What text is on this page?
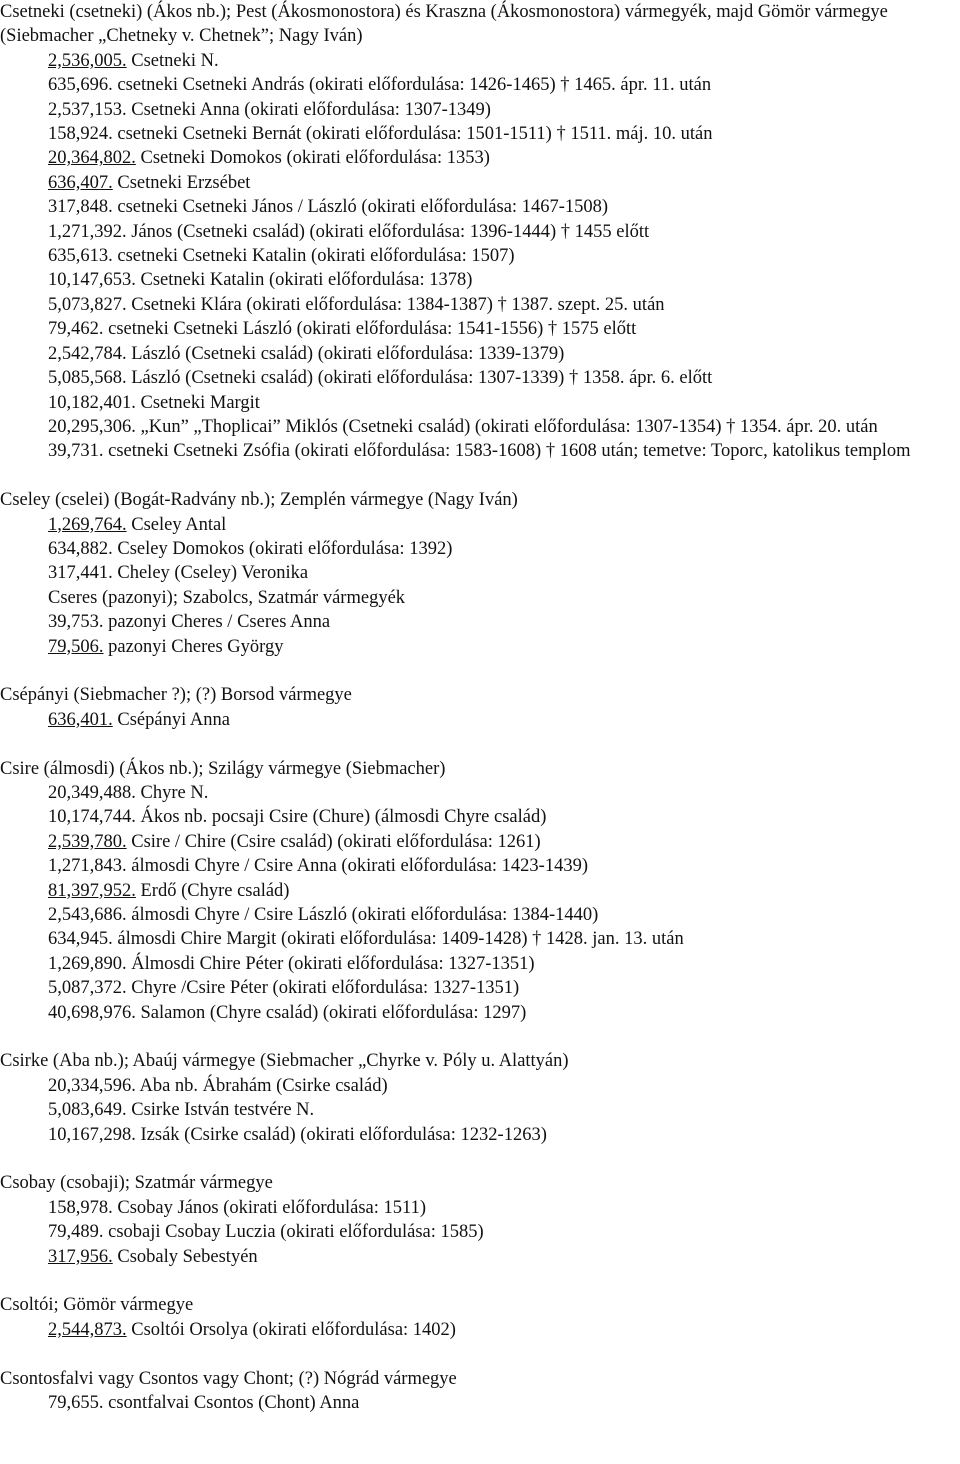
Csetneki (csetneki) (Ákos nb.); Pest (Ákosmonostora) és Kraszna (Ákosmonostora) vármegyék, majd Gömör vármegye (Siebmacher „Chetneky v. Chetnek”; Nagy Iván)
2,536,005. Csetneki N.
635,696. csetneki Csetneki András (okirati előfordulása: 1426-1465) † 1465. ápr. 11. után
2,537,153. Csetneki Anna (okirati előfordulása: 1307-1349)
158,924. csetneki Csetneki Bernát (okirati előfordulása: 1501-1511) † 1511. máj. 10. után
20,364,802. Csetneki Domokos (okirati előfordulása: 1353)
636,407. Csetneki Erzsébet
317,848. csetneki Csetneki János / László (okirati előfordulása: 1467-1508)
1,271,392. János (Csetneki család) (okirati előfordulása: 1396-1444) † 1455 előtt
635,613. csetneki Csetneki Katalin (okirati előfordulása: 1507)
10,147,653. Csetneki Katalin (okirati előfordulása: 1378)
5,073,827. Csetneki Klára (okirati előfordulása: 1384-1387) † 1387. szept. 25. után
79,462. csetneki Csetneki László (okirati előfordulása: 1541-1556) † 1575 előtt
2,542,784. László (Csetneki család) (okirati előfordulása: 1339-1379)
5,085,568. László (Csetneki család) (okirati előfordulása: 1307-1339) † 1358. ápr. 6. előtt
10,182,401. Csetneki Margit
20,295,306. „Kun” „Thoplicai” Miklós (Csetneki család) (okirati előfordulása: 1307-1354) † 1354. ápr. 20. után
39,731. csetneki Csetneki Zsófia (okirati előfordulása: 1583-1608) † 1608 után; temetve: Toporc, katolikus templom
Cseley (cselei) (Bogát-Radvány nb.); Zemplén vármegye (Nagy Iván)
1,269,764. Cseley Antal
634,882. Cseley Domokos (okirati előfordulása: 1392)
317,441. Cheley (Cseley) Veronika
Cseres (pazonyi); Szabolcs, Szatmár vármegyék
39,753. pazonyi Cheres / Cseres Anna
79,506. pazonyi Cheres György
Csépányi (Siebmacher ?); (?) Borsod vármegye
636,401. Csépányi Anna
Csire (álmosdi) (Ákos nb.); Szilágy vármegye (Siebmacher)
20,349,488. Chyre N.
10,174,744. Ákos nb. pocsaji Csire (Chure) (álmosdi Chyre család)
2,539,780. Csire / Chire (Csire család) (okirati előfordulása: 1261)
1,271,843. álmosdi Chyre / Csire Anna (okirati előfordulása: 1423-1439)
81,397,952. Erdő (Chyre család)
2,543,686. álmosdi Chyre / Csire László (okirati előfordulása: 1384-1440)
634,945. álmosdi Chire Margit (okirati előfordulása: 1409-1428) † 1428. jan. 13. után
1,269,890. Álmosdi Chire Péter (okirati előfordulása: 1327-1351)
5,087,372. Chyre /Csire Péter (okirati előfordulása: 1327-1351)
40,698,976. Salamon (Chyre család) (okirati előfordulása: 1297)
Csirke (Aba nb.); Abaúj vármegye (Siebmacher „Chyrke v. Póly u. Alattyán)
20,334,596. Aba nb. Ábrahám (Csirke család)
5,083,649. Csirke István testvére N.
10,167,298. Izsák (Csirke család) (okirati előfordulása: 1232-1263)
Csobay (csobaji); Szatmár vármegye
158,978. Csobay János (okirati előfordulása: 1511)
79,489. csobaji Csobay Luczia (okirati előfordulása: 1585)
317,956. Csobaly Sebestyén
Csoltói; Gömör vármegye
2,544,873. Csoltói Orsolya (okirati előfordulása: 1402)
Csontosfalvi vagy Csontos vagy Chont; (?) Nógrád vármegye
79,655. csontfalvai Csontos (Chont) Anna
